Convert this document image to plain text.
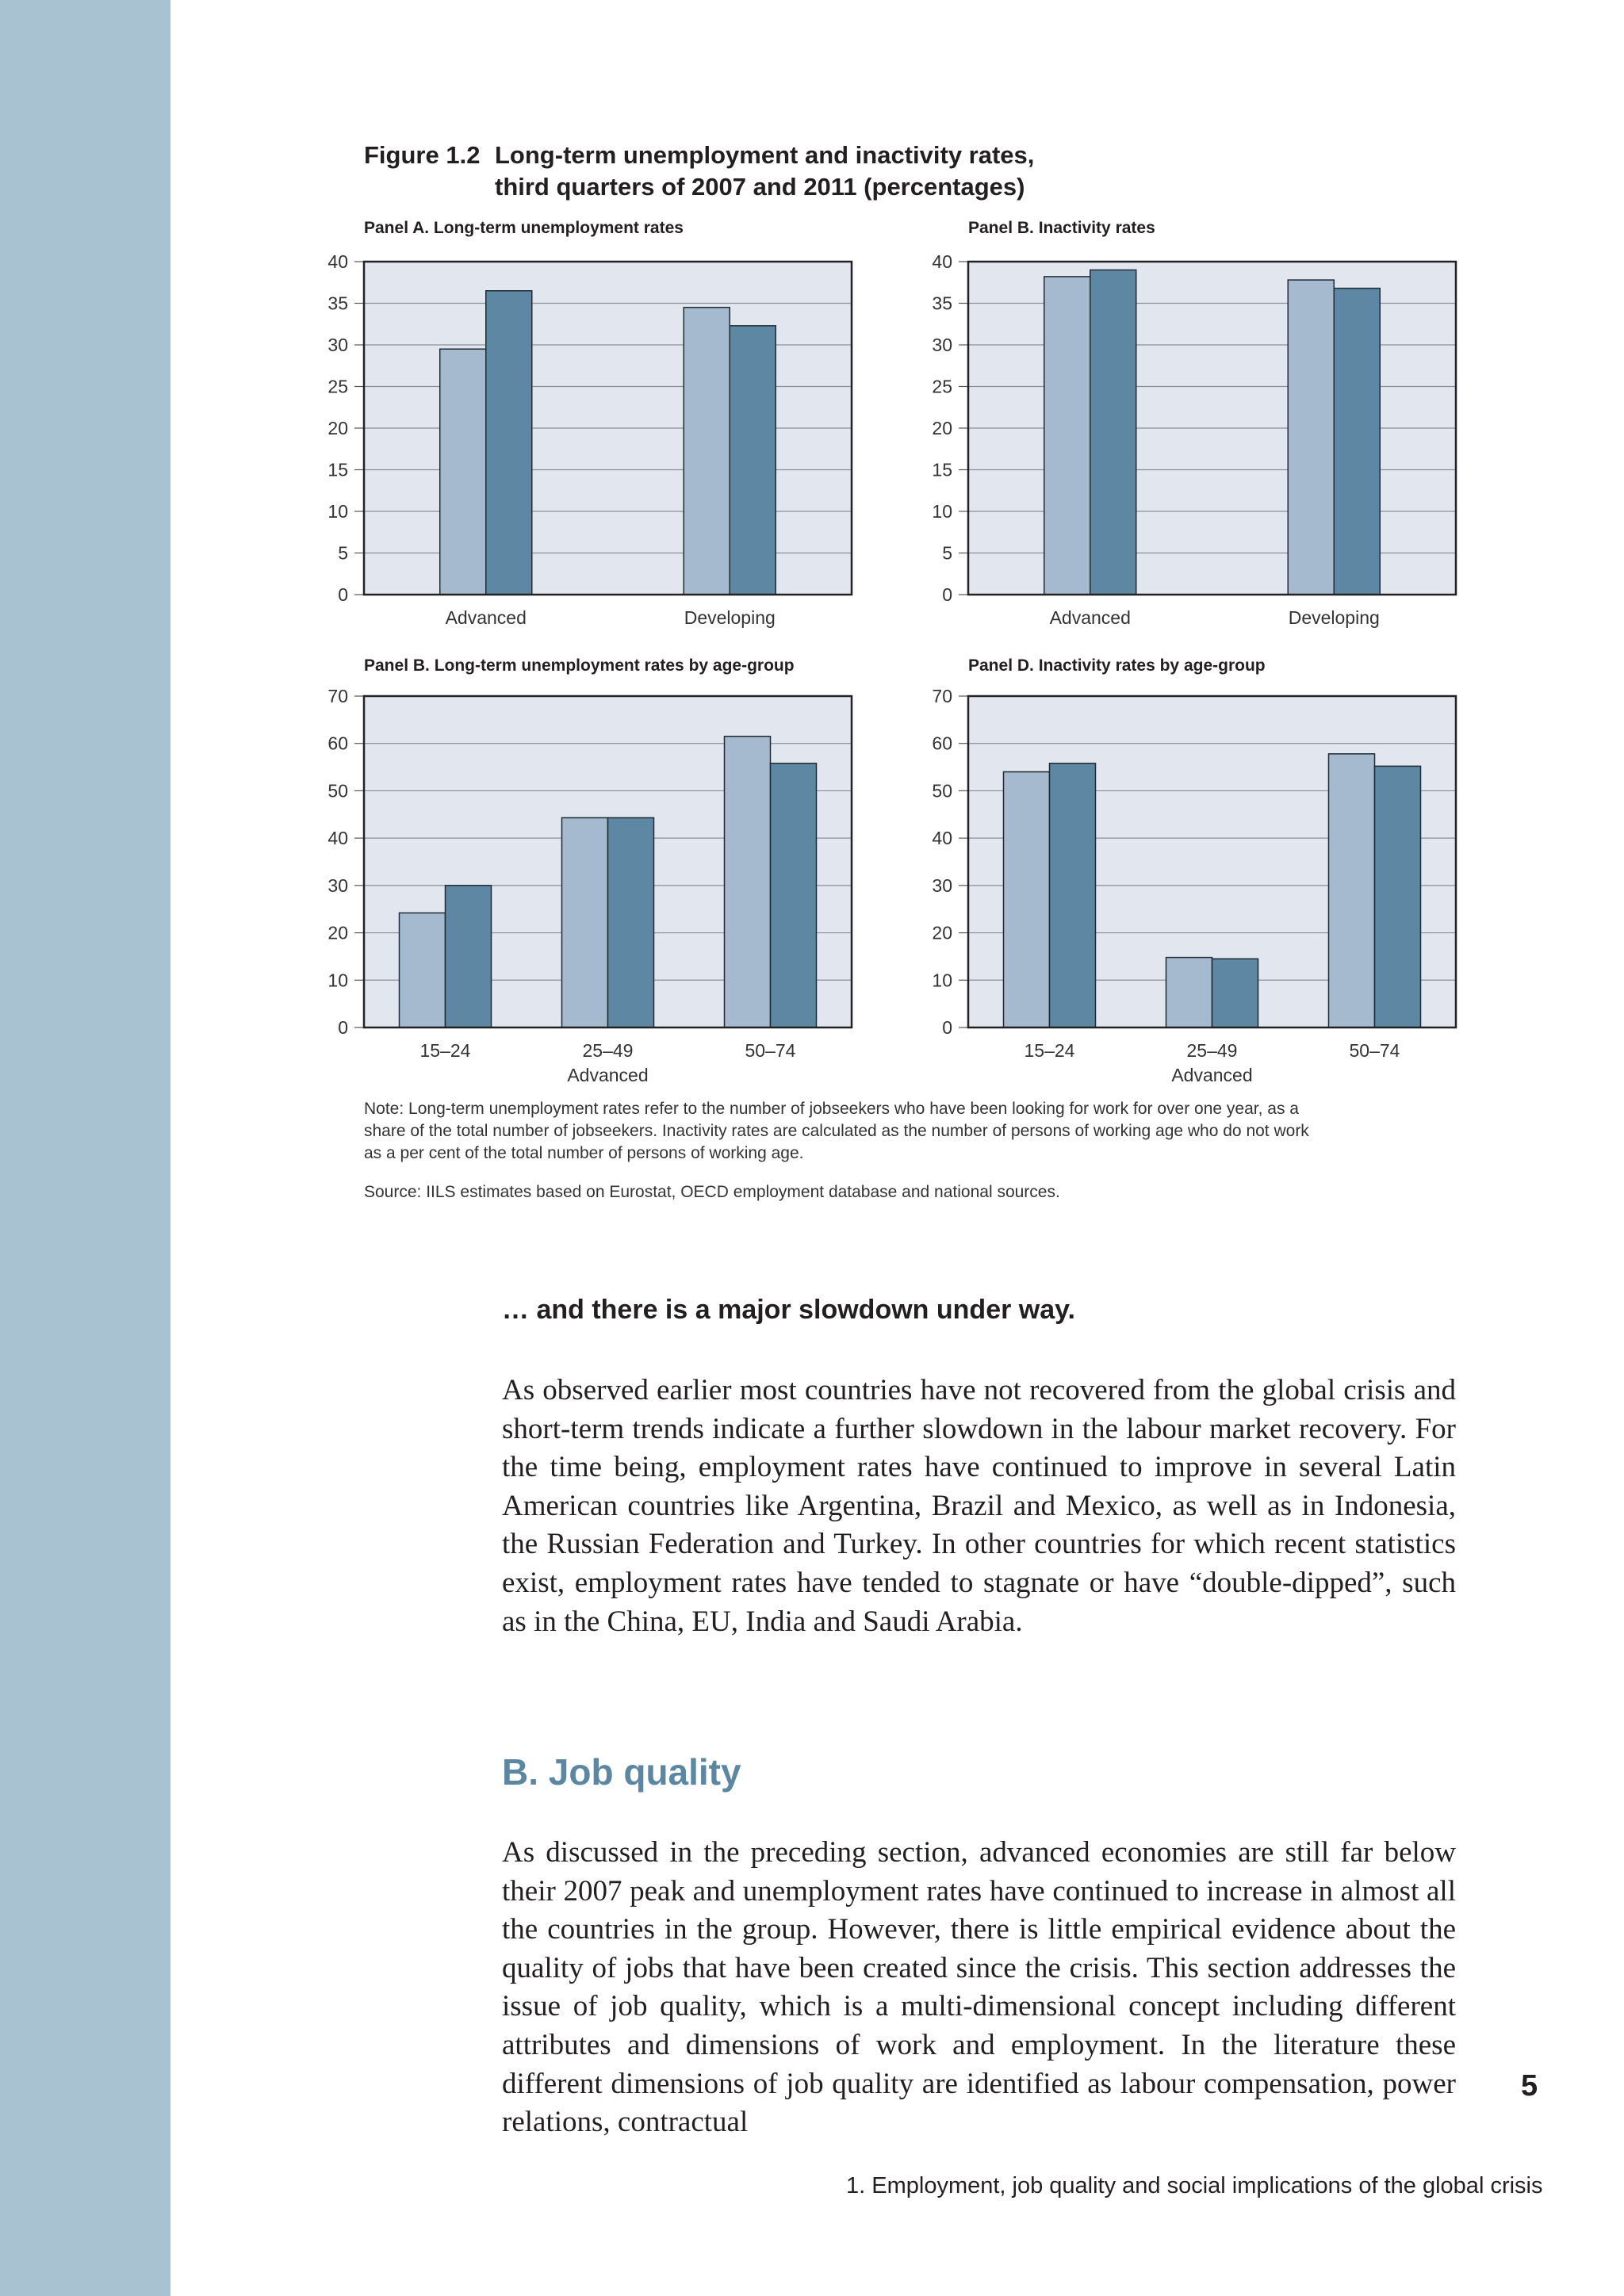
Figure 1.2 Long-term unemployment and inactivity rates,
third quarters of 2007 and 2011 (percentages)
Panel A. Long-term unemployment rates
0
5
10
15
20
25
30
35
40
Advanced	Developing
Panel B. Inactivity rates
0
5
10
15
20
25
30
35
40
Advanced	Developing
Panel B. Long-term unemployment rates by age-group
0
10
20
30
40
50
60
70
15–24	25–49	50–74
Advanced
Panel D. Inactivity rates by age-group
0
10
20
30
40
50
60
70
15–24	25–49	50–74
Advanced
Note: Long-term unemployment rates refer to the number of jobseekers who have been looking for work for over one year, as a share of the total number of jobseekers. Inactivity rates are calculated as the number of persons of working age who do not work as a per cent of the total number of persons of working age.
Source: IILS estimates based on Eurostat, OECD employment database and national sources.
… and there is a major slowdown under way.
As observed earlier most countries have not recovered from the global crisis and short-term trends indicate a further slowdown in the labour market recovery. For the time being, employment rates have continued to improve in several Latin American countries like Argentina, Brazil and Mexico, as well as in Indonesia, the Russian Federation and Turkey. In other countries for which recent statistics exist, employment rates have tended to stagnate or have “double-dipped”, such as in the China, EU, India and Saudi Arabia.
B. Job quality
As discussed in the preceding section, advanced economies are still far below their 2007 peak and unemployment rates have continued to increase in almost all the countries in the group. However, there is little empirical evidence about the quality of jobs that have been created since the crisis. This section addresses the issue of job quality, which is a multi-dimensional concept including different attributes and dimensions of work and employment. In the literature these different dimensions of job quality are identified as labour compensation, power relations, contractual
5
1. Employment, job quality and social implications of the global crisis
